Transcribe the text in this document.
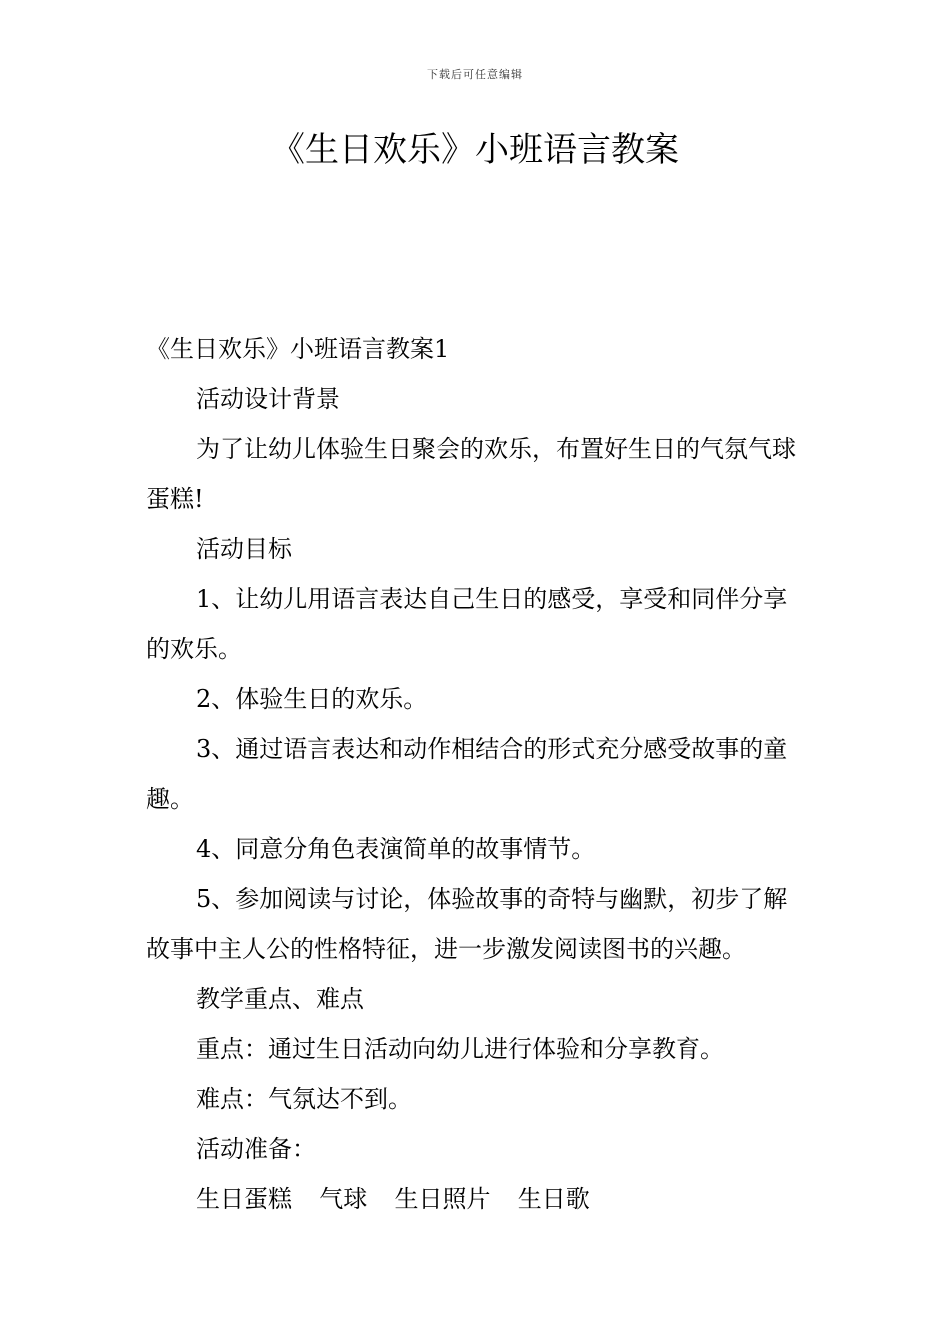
下载后可任意编辑
《生日欢乐》小班语言教案

《生日欢乐》小班语言教案1

活动设计背景

为了让幼儿体验生日聚会的欢乐，布置好生日的气氛气球蛋糕!

活动目标

1、让幼儿用语言表达自己生日的感受，享受和同伴分享的欢乐。

2、体验生日的欢乐。

3、通过语言表达和动作相结合的形式充分感受故事的童趣。

4、同意分角色表演简单的故事情节。

5、参加阅读与讨论，体验故事的奇特与幽默，初步了解故事中主人公的性格特征，进一步激发阅读图书的兴趣。

教学重点、难点

重点：通过生日活动向幼儿进行体验和分享教育。

难点：气氛达不到。

活动准备：

生日蛋糕  气球  生日照片  生日歌
